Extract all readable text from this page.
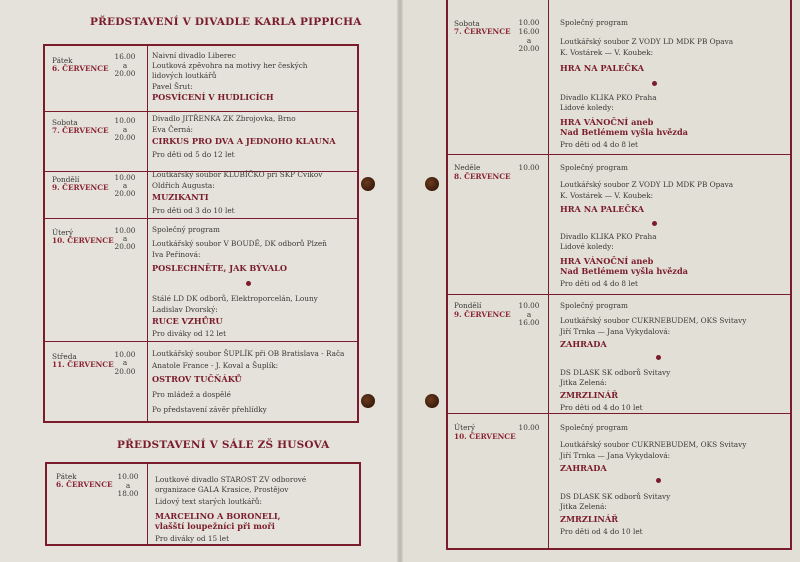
PŘEDSTAVENÍ V DIVADLE KARLA PIPPICHA
Pátek
6. ČERVENCE
16.00
a
20.00
Naivní divadlo Liberec
Loutková zpěvohra na motivy her českých
lidových loutkářů
Pavel Šrut:
POSVÍCENÍ V HUDLICÍCH
Sobota
7. ČERVENCE
10.00
a
20.00
Divadlo JITŘENKA ZK Zbrojovka, Brno
Eva Černá:
CIRKUS PRO DVA A JEDNOHO KLAUNA
Pro děti od 5 do 12 let
Pondělí
9. ČERVENCE
10.00
a
20.00
Loutkářský soubor KLUBÍČKO při SKP Cvikov
Oldřich Augusta:
MUZIKANTI
Pro děti od 3 do 10 let
Úterý
10. ČERVENCE
10.00
a
20.00
Společný program
Loutkářský soubor V BOUDĚ, DK odborů Plzeň
Iva Peřinová:
POSLECHNĚTE, JAK BÝVALO
Stálé LD DK odborů, Elektroporcelán, Louny
Ladislav Dvorský:
RUCE VZHŮRU
Pro diváky od 12 let
Středa
11. ČERVENCE
10.00
a
20.00
Loutkářský soubor ŠUPLÍK při OB Bratislava - Rača
Anatole France - J. Koval a Šuplík:
OSTROV TUČŇÁKŮ
Pro mládež a dospělé
Po představení závěr přehlídky
PŘEDSTAVENÍ V SÁLE ZŠ HUSOVA
Pátek
6. ČERVENCE
10.00
a
18.00
Loutkové divadlo STAROST ZV odborové
organizace GALA Krasice, Prostějov
Lidový text starých loutkářů:
MARCELINO A BORONELI,
vlašští loupežníci při moři
Pro diváky od 15 let
Sobota
7. ČERVENCE
10.00
16.00
a
20.00
Společný program
Loutkářský soubor Z VODY LD MDK PB Opava
K. Vostárek — V. Koubek:
HRA NA PALEČKA
Divadlo KLIKA PKO Praha
Lidové koledy:
HRA VÁNOČNÍ aneb
Nad Betlémem vyšla hvězda
Pro děti od 4 do 8 let
Neděle
8. ČERVENCE
10.00	Společný program
Loutkářský soubor Z VODY LD MDK PB Opava
K. Vostárek — V. Koubek:
HRA NA PALEČKA
Divadlo KLIKA PKO Praha
Lidové koledy:
HRA VÁNOČNÍ aneb
Nad Betlémem vyšla hvězda
Pro děti od 4 do 8 let
Pondělí
9. ČERVENCE
10.00
a
16.00
Společný program
Loutkářský soubor CUKRNEBUDEM, OKS Svitavy
Jiří Trnka — Jana Vykydalová:
ZAHRADA
DS DLASK SK odborů Svitavy
Jitka Zelená:
ZMRZLINÁŘ
Pro děti od 4 do 10 let
Úterý
10. ČERVENCE
10.00	Společný program
Loutkářský soubor CUKRNEBUDEM, OKS Svitavy
Jiří Trnka — Jana Vykydalová:
ZAHRADA
DS DLASK SK odborů Svitavy
Jitka Zelená:
ZMRZLINÁŘ
Pro děti od 4 do 10 let
